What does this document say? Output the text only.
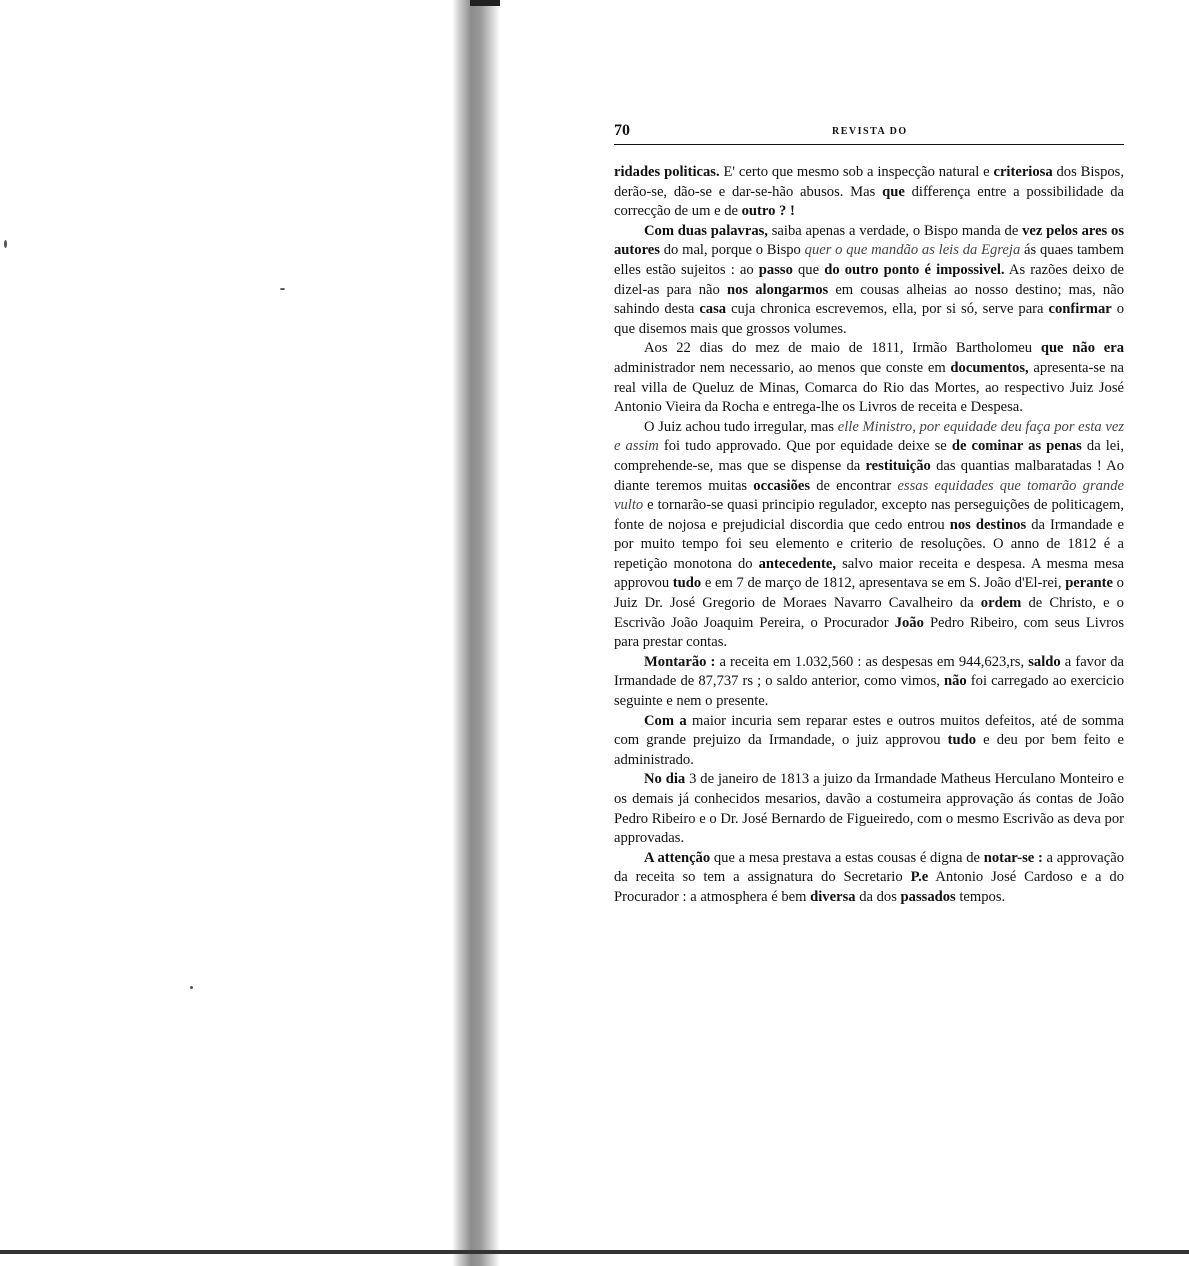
70	REVISTA DO

ridades politicas. E' certo que mesmo sob a inspecção natural e criteriosa dos Bispos, derão-se, dão-se e dar-se-hão abusos. Mas que differença entre a possibilidade da correcção de um e de outro ? !

Com duas palavras, saiba apenas a verdade, o Bispo manda de vez pelos ares os autores do mal, porque o Bispo quer o que mandão as leis da Egreja ás quaes tambem elles estão sujeitos : ao passo que do outro ponto é impossivel. As razões deixo de dizel-as para não nos alongarmos em cousas alheias ao nosso destino; mas, não sahindo desta casa cuja chronica escrevemos, ella, por si só, serve para confirmar o que disemos mais que grossos volumes.

Aos 22 dias do mez de maio de 1811, Irmão Bartholomeu que não era administrador nem necessario, ao menos que conste em documentos, apresenta-se na real villa de Queluz de Minas, Comarca do Rio das Mortes, ao respectivo Juiz José Antonio Vieira da Rocha e entrega-lhe os Livros de receita e Despesa.

O Juiz achou tudo irregular, mas elle Ministro, por equidade deu faça por esta vez e assim foi tudo approvado. Que por equidade deixe se de cominar as penas da lei, comprehende-se, mas que se dispense da restituição das quantias malbaratadas ! Ao diante teremos muitas occasiões de encontrar essas equidades que tomarão grande vulto e tornarão-se quasi principio regulador, excepto nas perseguições de politicagem, fonte de nojosa e prejudicial discordia que cedo entrou nos destinos da Irmandade e por muito tempo foi seu elemento e criterio de resoluções. O anno de 1812 é a repetição monotona do antecedente, salvo maior receita e despesa. A mesma mesa approvou tudo e em 7 de março de 1812, apresentava se em S. João d'El-rei, perante o Juiz Dr. José Gregorio de Moraes Navarro Cavalheiro da ordem de Christo, e o Escrivão João Joaquim Pereira, o Procurador João Pedro Ribeiro, com seus Livros para prestar contas.

Montarão : a receita em 1.032,560 : as despesas em 944,623,rs, saldo a favor da Irmandade de 87,737 rs ; o saldo anterior, como vimos, não foi carregado ao exercicio seguinte e nem o presente.

Com a maior incuria sem reparar estes e outros muitos defeitos, até de somma com grande prejuizo da Irmandade, o juiz approvou tudo e deu por bem feito e administrado.

No dia 3 de janeiro de 1813 a juizo da Irmandade Matheus Herculano Monteiro e os demais já conhecidos mesarios, davão a costumeira approvação ás contas de João Pedro Ribeiro e o Dr. José Bernardo de Figueiredo, com o mesmo Escrivão as deva por approvadas.

A attenção que a mesa prestava a estas cousas é digna de notar-se : a approvação da receita so tem a assignatura do Secretario P.e Antonio José Cardoso e a do Procurador : a atmosphera é bem diversa da dos passados tempos.
